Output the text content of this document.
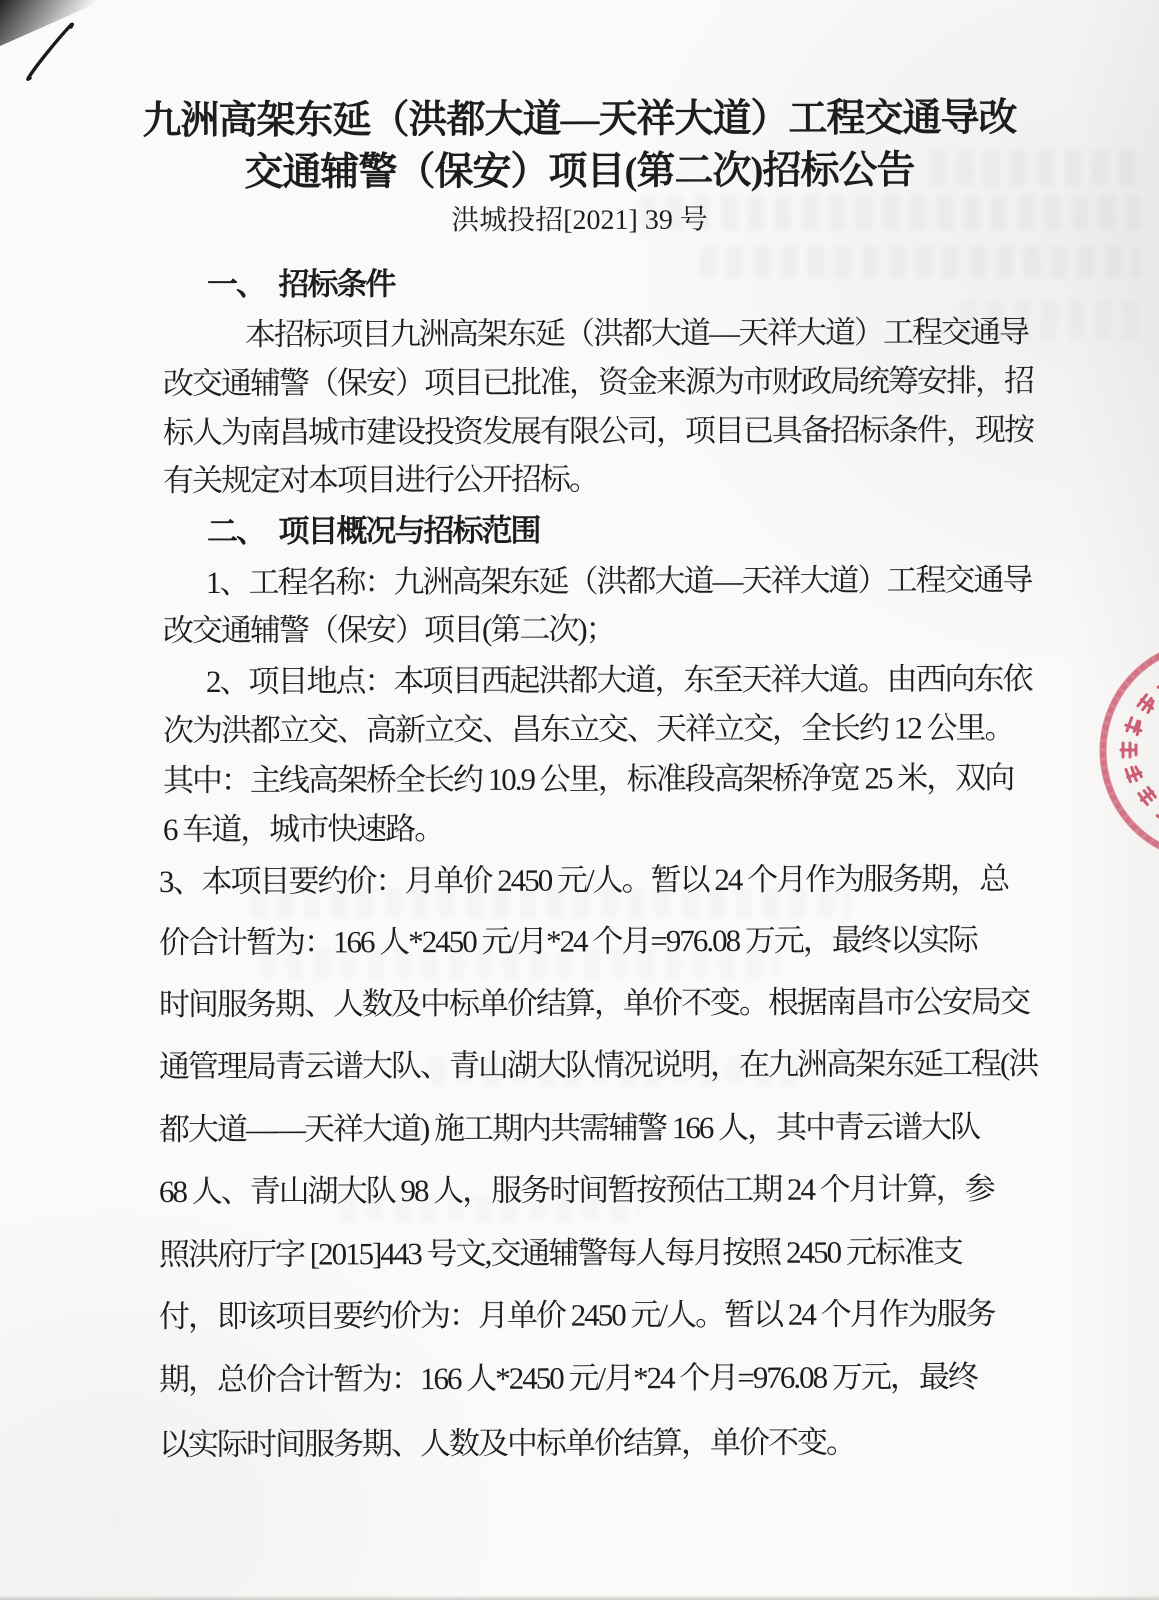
九洲高架东延（洪都大道—天祥大道）工程交通导改
交通辅警（保安）项目(第二次)招标公告
洪城投招[2021] 39 号
一、　招标条件
本招标项目九洲高架东延（洪都大道—天祥大道）工程交通导
改交通辅警（保安）项目已批准，资金来源为市财政局统筹安排，招
标人为南昌城市建设投资发展有限公司，项目已具备招标条件，现按
有关规定对本项目进行公开招标。
二、　项目概况与招标范围
1、工程名称：九洲高架东延（洪都大道—天祥大道）工程交通导
改交通辅警（保安）项目(第二次)；
2、项目地点：本项目西起洪都大道，东至天祥大道。由西向东依
次为洪都立交、高新立交、昌东立交、天祥立交，全长约 12 公里。
其中：主线高架桥全长约 10.9 公里，标准段高架桥净宽 25 米，双向
6 车道，城市快速路。
3、本项目要约价：月单价 2450 元/人。暂以 24 个月作为服务期，总
价合计暂为：166 人*2450 元/月*24 个月=976.08 万元，最终以实际
时间服务期、人数及中标单价结算，单价不变。根据南昌市公安局交
通管理局青云谱大队、青山湖大队情况说明，在九洲高架东延工程(洪
都大道——天祥大道) 施工期内共需辅警 166 人，其中青云谱大队
68 人、青山湖大队 98 人，服务时间暂按预估工期 24 个月计算，参
照洪府厅字 [2015]443 号文,交通辅警每人每月按照 2450 元标准支
付，即该项目要约价为：月单价 2450 元/人。暂以 24 个月作为服务
期，总价合计暂为：166 人*2450 元/月*24 个月=976.08 万元，最终
以实际时间服务期、人数及中标单价结算，单价不变。
